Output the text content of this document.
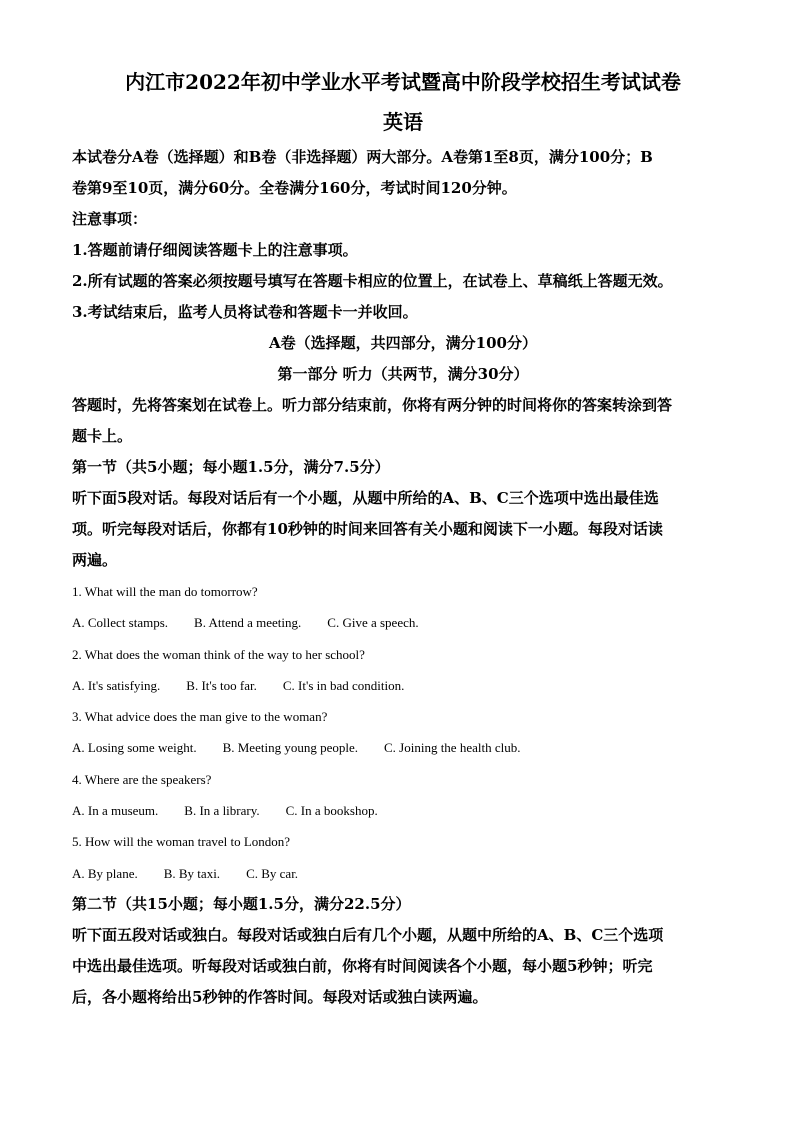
内江市2022年初中学业水平考试暨高中阶段学校招生考试试卷
英语

本试卷分A卷（选择题）和B卷（非选择题）两大部分。A卷第1至8页，满分100分；B

卷第9至10页，满分60分。全卷满分160分，考试时间120分钟。

注意事项：

1.答题前请仔细阅读答题卡上的注意事项。

2.所有试题的答案必须按题号填写在答题卡相应的位置上，在试卷上、草稿纸上答题无效。

3.考试结束后，监考人员将试卷和答题卡一并收回。

A卷（选择题，共四部分，满分100分）

第一部分 听力（共两节，满分30分）

答题时，先将答案划在试卷上。听力部分结束前，你将有两分钟的时间将你的答案转涂到答

题卡上。

第一节（共5小题；每小题1.5分，满分7.5分）

听下面5段对话。每段对话后有一个小题，从题中所给的A、B、C三个选项中选出最佳选

项。听完每段对话后，你都有10秒钟的时间来回答有关小题和阅读下一小题。每段对话读

两遍。

1. What will the man do tomorrow?

A. Collect stamps. B. Attend a meeting. C. Give a speech.

2. What does the woman think of the way to her school?

A. It's satisfying. B. It's too far. C. It's in bad condition.

3. What advice does the man give to the woman?

A. Losing some weight. B. Meeting young people. C. Joining the health club.

4. Where are the speakers?

A. In a museum. B. In a library. C. In a bookshop.

5. How will the woman travel to London?

A. By plane. B. By taxi. C. By car.

第二节（共15小题；每小题1.5分，满分22.5分）

听下面五段对话或独白。每段对话或独白后有几个小题，从题中所给的A、B、C三个选项

中选出最佳选项。听每段对话或独白前，你将有时间阅读各个小题，每小题5秒钟；听完

后，各小题将给出5秒钟的作答时间。每段对话或独白读两遍。
